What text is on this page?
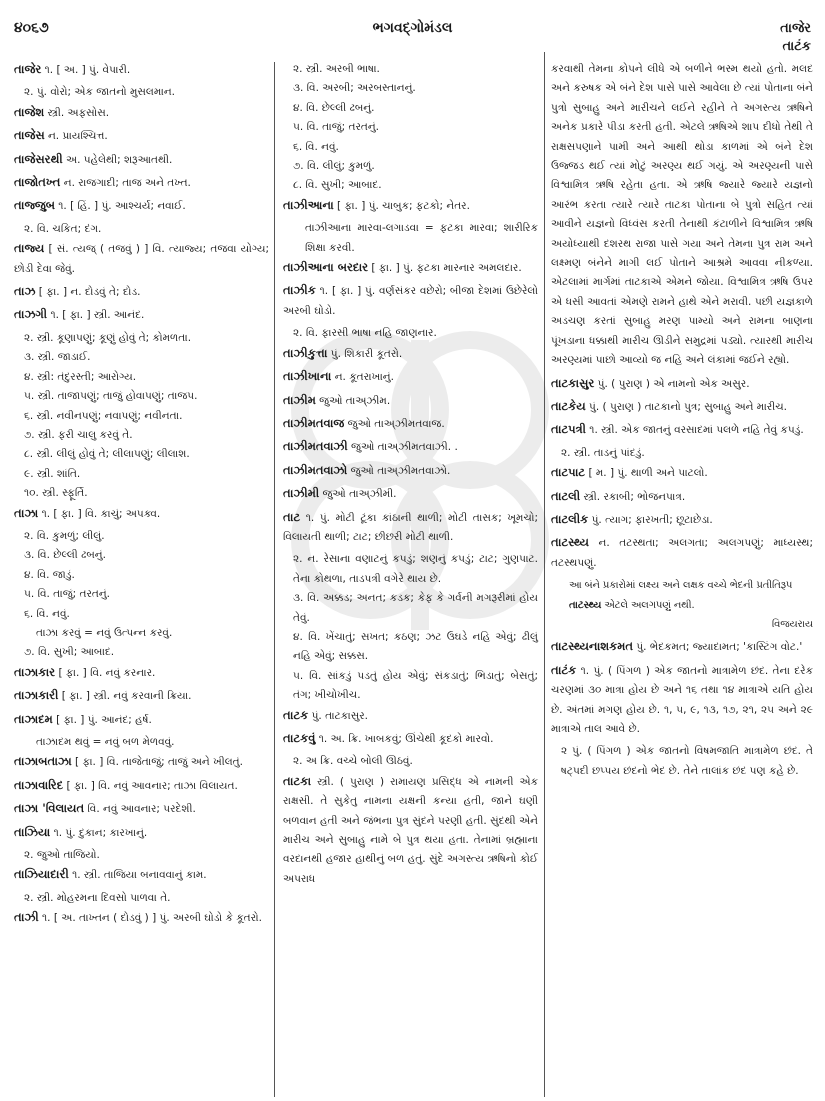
૪૦૬૭	ભગવદ્ગોમંડલ	તાજેર
તાટંક

તાજેર ૧. [ અ. ] પું. વેપારી.

૨. પું. વોરો; એક જાતનો મુસલમાન.

તાજેશ સ્ત્રી. અફસોસ.

તાજેસ ન. પ્રાયશ્ચિત્ત.

તાજેસરથી અ. પહેલેથી; શરૂઆતથી.

તાજોતખ્ત ન. રાજગાદી; તાજ અને તખ્ત.

તાજ્જુબ ૧. [ હિં. ] પું. આશ્ચર્ય; નવાઈ.

૨. વિ. ચકિત; દંગ.

તાજ્ય [ સં. ત્યજ્ ( તજવું ) ] વિ. ત્યાજ્ય; તજવા યોગ્ય; છોડી દેવા જેવું.

તાઝ [ ફા. ] ન. દોડવું તે; દોડ.

તાઝગી ૧. [ ફા. ] સ્ત્રી. આનંદ.

૨. સ્ત્રી. કૂણાપણું; કૂણું હોવું તે; કોમળતા.

૩. સ્ત્રી. જાડાઈ.

૪. સ્ત્રી: તંદુરસ્તી; આરોગ્ય.

૫. સ્ત્રી. તાજાપણું; તાજું હોવાપણું; તાજપ.

૬. સ્ત્રી. નવીનપણું; નવાપણું; નવીનતા.

૭. સ્ત્રી. ફરી ચાલુ કરવું તે.

૮. સ્ત્રી. લીલું હોવું તે; લીલાપણું; લીલાશ.

૯. સ્ત્રી. શાંતિ.

૧૦. સ્ત્રી. સ્ફૂર્તિ.

તાઝા ૧. [ ફા. ] વિ. કાચું; અપક્વ.

૨. વિ. કુમળું; લીલું.

૩. વિ. છેલ્લી ઢબનું.

૪. વિ. જાડું.

૫. વિ. તાજું; તરતનું.

૬. વિ. નવું.

તાઝા કરવું = નવું ઉત્પન્ન કરવું.

૭. વિ. સુખી; આબાદ.

તાઝાકાર [ ફા. ] વિ. નવું કરનાર.

તાઝાકારી [ ફા. ] સ્ત્રી. નવું કરવાની ક્રિયા.

તાઝાદમ [ ફા. ] પું. આનંદ; હર્ષ.

તાઝાદમ થવું = નવું બળ મેળવવું.

તાઝાબતાઝા [ ફા. ] વિ. તાજેતાજું; તાજું અને ખીલતું.

તાઝાવારિદ [ ફા. ] વિ. નવું આવનાર; તાઝા વિલાયત.

તાઝા 'વિલાયત વિ. નવું આવનાર; પરદેશી.

તાઝિયા ૧. પું. દુકાન; કારખાનું.

૨. જુઓ તાજિયો.

તાઝિયાદારી ૧. સ્ત્રી. તાજિયા બનાવવાનું કામ.

૨. સ્ત્રી. મોહરમના દિવસો પાળવા તે.

તાઝી ૧. [ અ. તાખ્તન ( દોડવું ) ] પું. અરબી ઘોડો કે કૂતરો.

૨. સ્ત્રી. અરબી ભાષા.

૩. વિ. અરબી; અરબસ્તાનનું.

૪. વિ. છેલ્લી ઢબનું.

૫. વિ. તાજું; તરતનું.

૬. વિ. નવું.

૭. વિ. લીલું; કુમળું.

૮. વિ. સુખી; આબાદ.

તાઝીઆના [ ફા. ] પું. ચાબુક; ફટકો; નેતર.

તાઝીઆના મારવા-લગાડવા = ફટકા મારવા; શારીરિક શિક્ષા કરવી.

તાઝીઆના બરદાર [ ફા. ] પું. ફટકા મારનાર અમલદાર.

તાઝીક ૧. [ ફા. ] પું. વર્ણસંકર વછેરો; બીજા દેશમાં ઉછેરેલો અરબી ઘોડો.

૨. વિ. ફારસી ભાષા નહિ જાણનાર.

તાઝીકુત્તા પું. શિકારી કૂતરો.

તાઝીખાના ન. કૂતરાખાનું.

તાઝીમ જુઓ તાઅ્ઝીમ.

તાઝીમતવાજ જુઓ તાઅ્ઝીમતવાજ.

તાઝીમતવાઝી જુઓ તાઅ્ઝીમતવાઝી. .

તાઝીમતવાઝો જુઓ તાઅ્ઝીમતવાઝો.

તાઝીમી જુઓ તાઅ્ઝીમી.

તાટ ૧. પું. મોટી ટૂંકા કાંઠાની થાળી; મોટી તાસક; ખૂમચો; વિલાયતી થાળી; ટાટ; છીછરી મોટી થાળી.

૨. ન. રેસાના વણાટનું કપડું; શણનું કપડું; ટાટ; ગુણપાટ. તેના કોથળા, તાડપત્રી વગેરે થાય છે.

૩. વિ. અક્કડ; અનત; કડક; કેફ કે ગર્વની મગરૂરીમાં હોય તેવું.

૪. વિ. ખેંચાતું; સખત; કઠણ; ઝટ ઉઘડે નહિ એવું; ઢીલું નહિ એવું; સક્કસ.

૫. વિ. સાંકડું પડતું હોય એવું; સંકડાતું; ભિડાતું; બેસતું; તંગ; ખીચોખીચ.

તાટક પું. તાટકાસુર.

તાટકવું ૧. અ. ક્રિ. ખાબકવું; ઊંચેથી કૂદકો મારવો.

૨. અ ક્રિ. વચ્ચે બોલી ઊઠવું.

તાટકા સ્ત્રી. ( પુરાણ ) રામાયણ પ્રસિદ્ધ એ નામની એક રાક્ષસી. તે સુકેતુ નામના યક્ષની કન્યા હતી, જાને ઘણી બળવાન હતી અને જંભના પુત્ર સુંદને પરણી હતી. સુંદથી એને મારીચ અને સુબાહુ નામે બે પુત્ર થયા હતા. તેનામાં બ્રહ્માના વરદાનથી હજાર હાથીનું બળ હતું. સુંદે અગસ્ત્ય ઋષિનો કોઈ અપરાધ

કરવાથી તેમના કોપને લીધે એ બળીને ભસ્મ થયો હતો. મલદ અને કરુષક એ બંને દેશ પાસે પાસે આવેલા છે ત્યાં પોતાના બંને પુત્રો સુબાહુ અને મારીચને લઈને રહીને તે અગસ્ત્ય ઋષિને અનેક પ્રકારે પીડા કરતી હતી. એટલે ઋષિએ શાપ દીધો તેથી તે રાક્ષસપણાને પામી અને આથી થોડા કાળમાં એ બંને દેશ ઉજ્જડ થઈ ત્યાં મોટું અરણ્ય થઈ ગયું. એ અરણ્યની પાસે વિશ્વામિત્ર ઋષિ રહેતા હતા. એ ઋષિ જ્યારે જ્યારે યજ્ઞનો આરંભ કરતા ત્યારે ત્યારે તાટકા પોતાના બે પુત્રો સહિત ત્યાં આવીને યજ્ઞનો વિધ્વંસ કરતી તેનાથી કંટાળીને વિશ્વામિત્ર ઋષિ અયોધ્યાથી દશરથ રાજા પાસે ગયા અને તેમના પુત્ર રામ અને લક્ષ્મણ બંનેને માગી લઈ પોતાને આશ્રમે આવવા નીકળ્યા. એટલામાં માર્ગમાં તાટકાએ એમને જોયા. વિશ્વામિત્ર ઋષિ ઉપર એ ધસી આવતાં એમણે રામને હાથે એને મરાવી. પછી યજ્ઞકાળે અડચણ કરતાં સુબાહુ મરણ પામ્યો અને રામના બાણના પૂંખડાના ધક્કાથી મારીચ ઊડીને સમુદ્રમાં પડ્યો. ત્યારથી મારીચ અરણ્યમાં પાછો આવ્યો જ નહિ અને લંકામાં જઈને રહ્યો.

તાટકાસુર પું. ( પુરાણ ) એ નામનો એક અસુર.

તાટકેય પું. ( પુરાણ ) તાટકાનો પુત્ર; સુબાહુ અને મારીચ.

તાટપત્રી ૧. સ્ત્રી. એક જાતનું વરસાદમાં પલળે નહિ તેવું કપડું.

૨. સ્ત્રી. તાડનું પાંદડું.

તાટપાટ [ મ. ] પું. થાળી અને પાટલો.

તાટલી સ્ત્રી. રકાબી; ભોજનપાત્ર.

તાટલીક પું. ત્યાગ; ફારખતી; છૂટાછેડા.

તાટસ્થ્ય ન. તટસ્થતા; અલગતા; અલગપણું; માધ્યસ્થ; તટસ્થપણું.

આ બંને પ્રકારોમાં લક્ષ્ય અને લક્ષક વચ્ચે ભેદની પ્રતીતિરૂપ તાટસ્થ્ય એટલે અલગપણું નથી.

વિજયરાય

તાટસ્થ્યનાશકમત પું. ભેદકમત; જ્યાદામત; 'કાસ્ટિંગ વોટ.'

તાટંક ૧. પું. ( પિંગળ ) એક જાતનો માત્રામેળ છંદ. તેના દરેક ચરણમાં ૩૦ માત્રા હોય છે અને ૧૬ તથા ૧૪ માત્રાએ યતિ હોય છે. અંતમાં મગણ હોય છે. ૧, ૫, ૯, ૧૩, ૧૭, ૨૧, ૨૫ અને ૨૯ માત્રાએ તાલ આવે છે.

૨ પું. ( પિંગળ ) એક જાતનો વિષમજાતિ માત્રામેળ છંદ. તે ષટ્પદી છપ્પય છંદનો ભેદ છે. તેને તાલાંક છંદ પણ કહે છે.
